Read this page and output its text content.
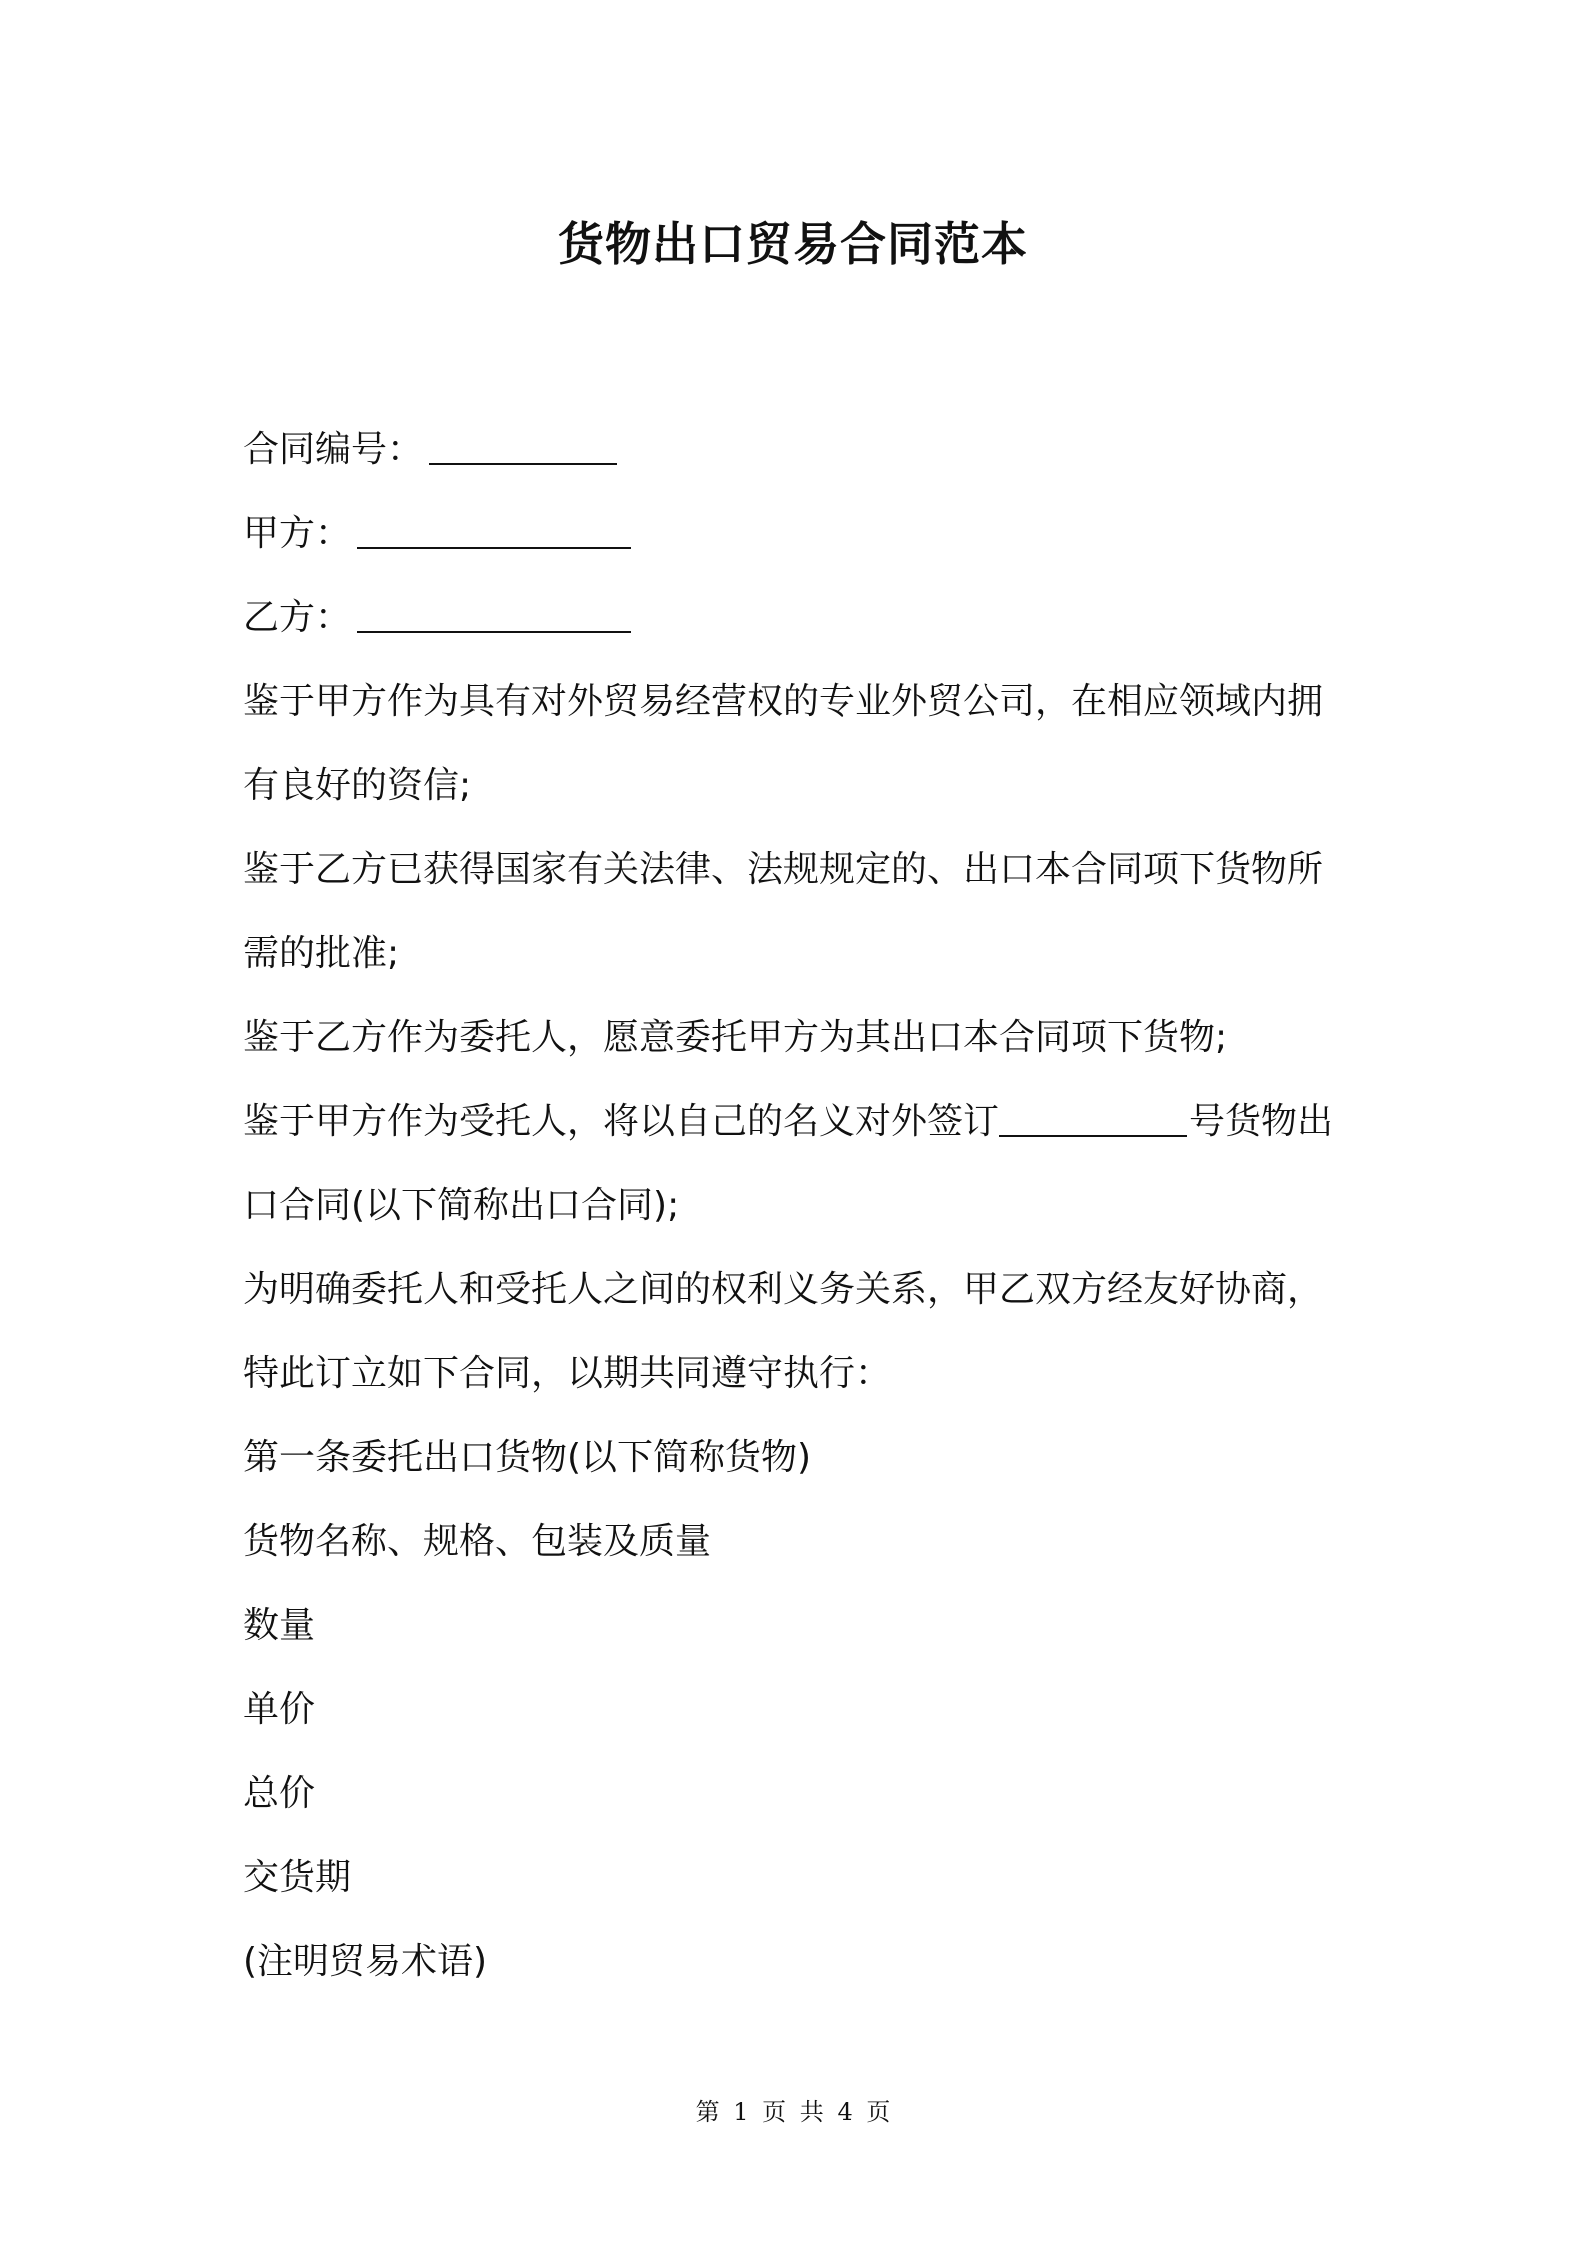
货物出口贸易合同范本
合同编号：
甲方：
乙方：
鉴于甲方作为具有对外贸易经营权的专业外贸公司，在相应领域内拥
有良好的资信;
鉴于乙方已获得国家有关法律、法规规定的、出口本合同项下货物所
需的批准;
鉴于乙方作为委托人，愿意委托甲方为其出口本合同项下货物;
鉴于甲方作为受托人，将以自己的名义对外签订	号货物出
口合同(以下简称出口合同);
为明确委托人和受托人之间的权利义务关系，甲乙双方经友好协商，
特此订立如下合同，以期共同遵守执行：
第一条委托出口货物(以下简称货物)
货物名称、规格、包装及质量
数量
单价
总价
交货期
(注明贸易术语)
第 1 页 共 4 页
